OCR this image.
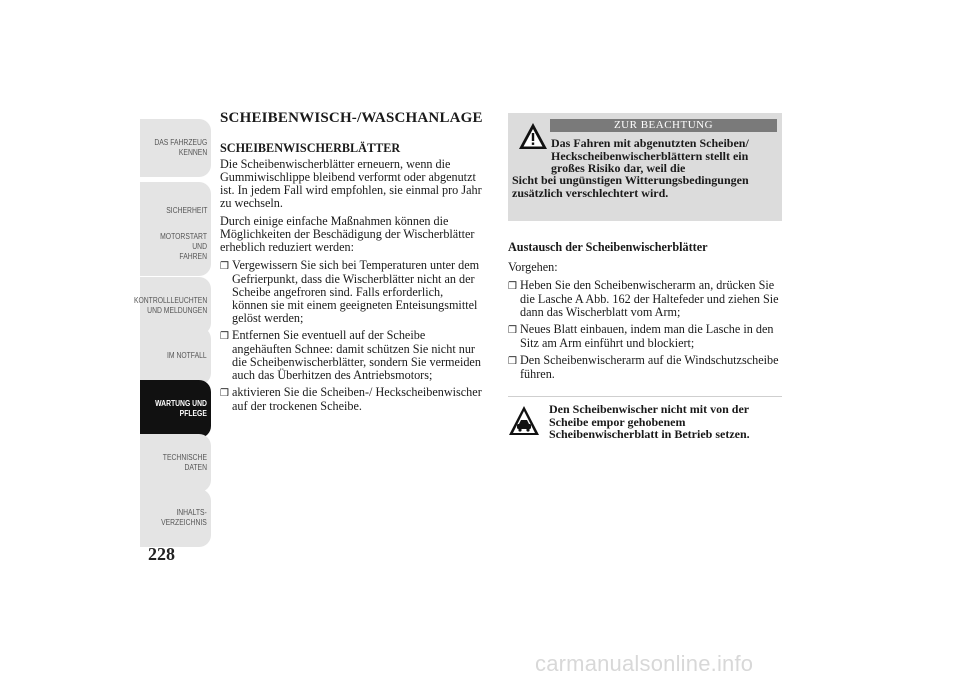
DAS FAHRZEUG
KENNEN
SICHERHEIT
MOTORSTART UND
FAHREN
KONTROLLLEUCHTEN
UND MELDUNGEN
IM NOTFALL
WARTUNG UND
PFLEGE
TECHNISCHE
DATEN
INHALTS-
VERZEICHNIS
228
SCHEIBENWISCH-/WASCHANLAGE
SCHEIBENWISCHERBLÄTTER

Die Scheibenwischerblätter erneuern, wenn die Gummiwischlippe bleibend verformt oder abgenutzt ist. In jedem Fall wird empfohlen, sie einmal pro Jahr zu wechseln.

Durch einige einfache Maßnahmen können die Möglichkeiten der Beschädigung der Wischerblätter erheblich reduziert werden:

❒ Vergewissern Sie sich bei Temperaturen unter dem Gefrierpunkt, dass die Wischerblätter nicht an der Scheibe angefroren sind. Falls erforderlich, können sie mit einem geeigneten Enteisungsmittel gelöst werden;
❒ Entfernen Sie eventuell auf der Scheibe angehäuften Schnee: damit schützen Sie nicht nur die Scheibenwischerblätter, sondern Sie vermeiden auch das Überhitzen des Antriebsmotors;
❒ aktivieren Sie die Scheiben-/ Heckscheibenwischer auf der trockenen Scheibe.
ZUR BEACHTUNG
Das Fahren mit abgenutzten Scheiben/ Heckscheibenwischerblättern stellt ein großes Risiko dar, weil die
Sicht bei ungünstigen Witterungsbedingungen zusätzlich verschlechtert wird.
Austausch der Scheibenwischerblätter

Vorgehen:

❒ Heben Sie den Scheibenwischerarm an, drücken Sie die Lasche A Abb. 162 der Haltefeder und ziehen Sie dann das Wischerblatt vom Arm;
❒ Neues Blatt einbauen, indem man die Lasche in den Sitz am Arm einführt und blockiert;
❒ Den Scheibenwischerarm auf die Windschutzscheibe führen.
Den Scheibenwischer nicht mit von der Scheibe empor gehobenem Scheibenwischerblatt in Betrieb setzen.
carmanualsonline.info
